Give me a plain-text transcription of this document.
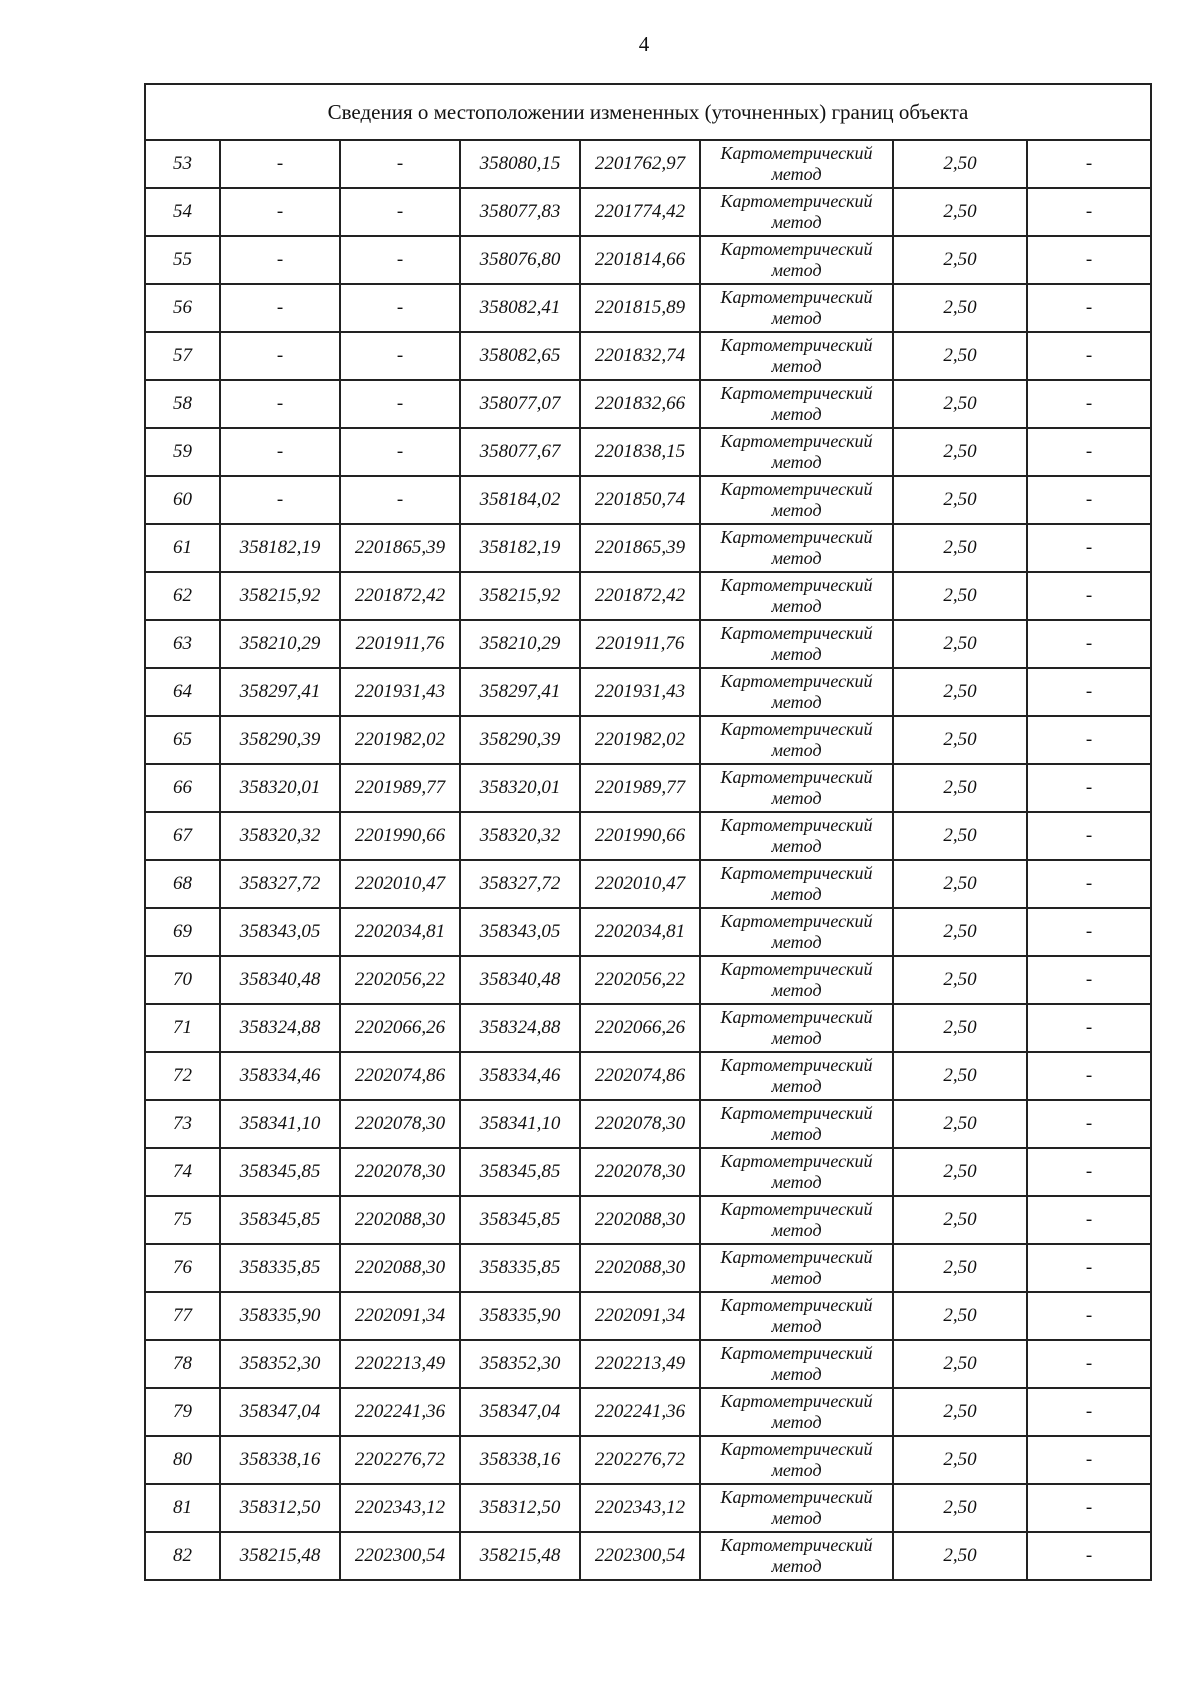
4
Сведения о местоположении измененных (уточненных) границ объекта							
53	-	-	358080,15	2201762,97	Картометрический метод	2,50	-
54	-	-	358077,83	2201774,42	Картометрический метод	2,50	-
55	-	-	358076,80	2201814,66	Картометрический метод	2,50	-
56	-	-	358082,41	2201815,89	Картометрический метод	2,50	-
57	-	-	358082,65	2201832,74	Картометрический метод	2,50	-
58	-	-	358077,07	2201832,66	Картометрический метод	2,50	-
59	-	-	358077,67	2201838,15	Картометрический метод	2,50	-
60	-	-	358184,02	2201850,74	Картометрический метод	2,50	-
61	358182,19	2201865,39	358182,19	2201865,39	Картометрический метод	2,50	-
62	358215,92	2201872,42	358215,92	2201872,42	Картометрический метод	2,50	-
63	358210,29	2201911,76	358210,29	2201911,76	Картометрический метод	2,50	-
64	358297,41	2201931,43	358297,41	2201931,43	Картометрический метод	2,50	-
65	358290,39	2201982,02	358290,39	2201982,02	Картометрический метод	2,50	-
66	358320,01	2201989,77	358320,01	2201989,77	Картометрический метод	2,50	-
67	358320,32	2201990,66	358320,32	2201990,66	Картометрический метод	2,50	-
68	358327,72	2202010,47	358327,72	2202010,47	Картометрический метод	2,50	-
69	358343,05	2202034,81	358343,05	2202034,81	Картометрический метод	2,50	-
70	358340,48	2202056,22	358340,48	2202056,22	Картометрический метод	2,50	-
71	358324,88	2202066,26	358324,88	2202066,26	Картометрический метод	2,50	-
72	358334,46	2202074,86	358334,46	2202074,86	Картометрический метод	2,50	-
73	358341,10	2202078,30	358341,10	2202078,30	Картометрический метод	2,50	-
74	358345,85	2202078,30	358345,85	2202078,30	Картометрический метод	2,50	-
75	358345,85	2202088,30	358345,85	2202088,30	Картометрический метод	2,50	-
76	358335,85	2202088,30	358335,85	2202088,30	Картометрический метод	2,50	-
77	358335,90	2202091,34	358335,90	2202091,34	Картометрический метод	2,50	-
78	358352,30	2202213,49	358352,30	2202213,49	Картометрический метод	2,50	-
79	358347,04	2202241,36	358347,04	2202241,36	Картометрический метод	2,50	-
80	358338,16	2202276,72	358338,16	2202276,72	Картометрический метод	2,50	-
81	358312,50	2202343,12	358312,50	2202343,12	Картометрический метод	2,50	-
82	358215,48	2202300,54	358215,48	2202300,54	Картометрический метод	2,50	-
